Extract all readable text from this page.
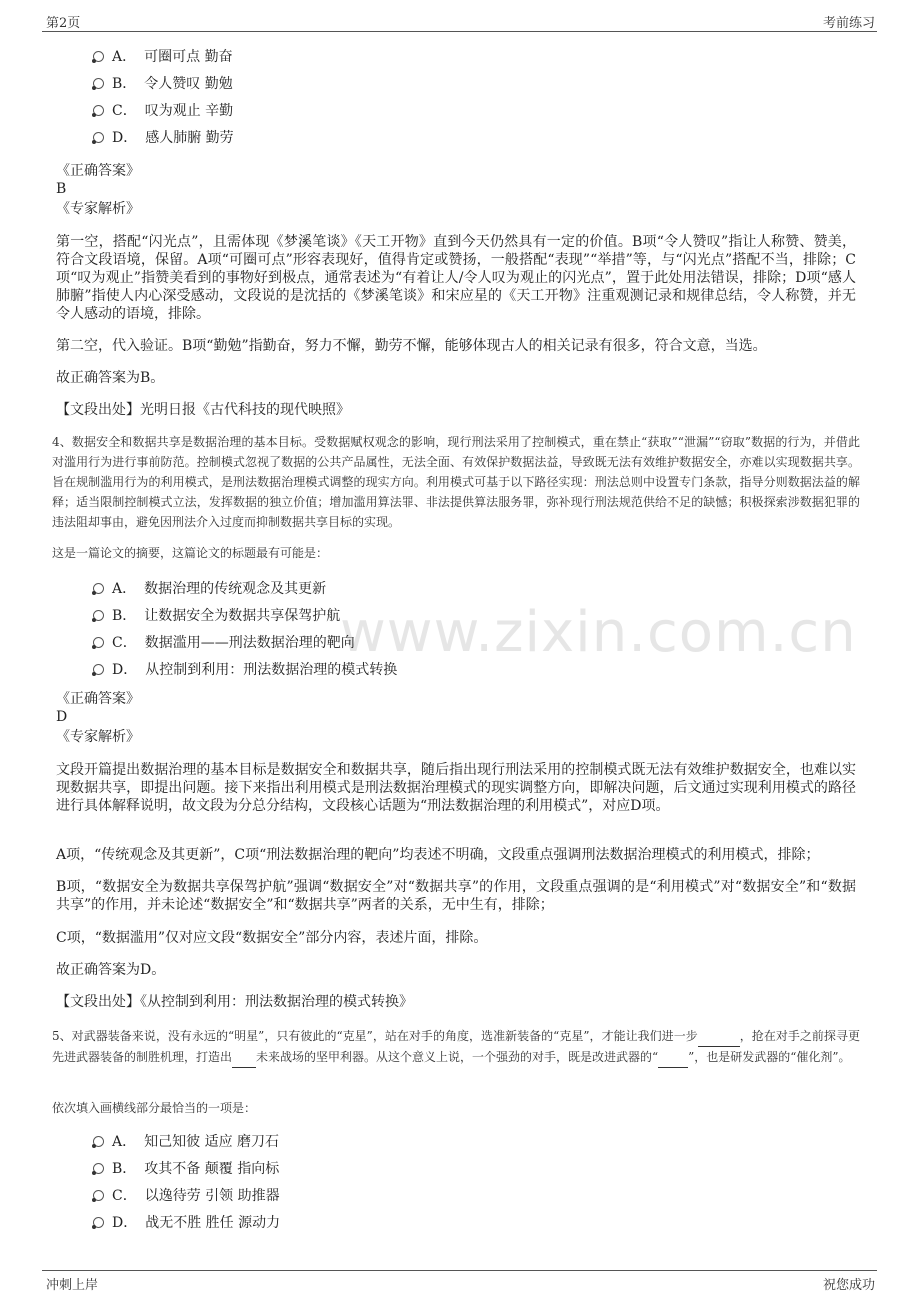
第2页	考前练习
www.zixin.com.cn
A． 可圈可点 勤奋
B． 令人赞叹 勤勉
C． 叹为观止 辛勤
D． 感人肺腑 勤劳
《正确答案》
B
《专家解析》
第一空，搭配“闪光点”，且需体现《梦溪笔谈》《天工开物》直到今天仍然具有一定的价值。B项“令人赞叹”指让人称赞、赞美，符合文段语境，保留。A项“可圈可点”形容表现好，值得肯定或赞扬，一般搭配“表现”“举措”等，与“闪光点”搭配不当，排除；C项“叹为观止”指赞美看到的事物好到极点，通常表述为“有着让人/令人叹为观止的闪光点”，置于此处用法错误，排除；D项“感人肺腑”指使人内心深受感动，文段说的是沈括的《梦溪笔谈》和宋应星的《天工开物》注重观测记录和规律总结，令人称赞，并无令人感动的语境，排除。
第二空，代入验证。B项“勤勉”指勤奋，努力不懈，勤劳不懈，能够体现古人的相关记录有很多，符合文意，当选。
故正确答案为B。
【文段出处】光明日报《古代科技的现代映照》
4、数据安全和数据共享是数据治理的基本目标。受数据赋权观念的影响，现行刑法采用了控制模式，重在禁止“获取”“泄漏”“窃取”数据的行为，并借此对滥用行为进行事前防范。控制模式忽视了数据的公共产品属性，无法全面、有效保护数据法益，导致既无法有效维护数据安全，亦难以实现数据共享。旨在规制滥用行为的利用模式，是刑法数据治理模式调整的现实方向。利用模式可基于以下路径实现：刑法总则中设置专门条款，指导分则数据法益的解释；适当限制控制模式立法，发挥数据的独立价值；增加滥用算法罪、非法提供算法服务罪，弥补现行刑法规范供给不足的缺憾；积极探索涉数据犯罪的违法阻却事由，避免因刑法介入过度而抑制数据共享目标的实现。
这是一篇论文的摘要，这篇论文的标题最有可能是：
A． 数据治理的传统观念及其更新
B． 让数据安全为数据共享保驾护航
C． 数据滥用——刑法数据治理的靶向
D． 从控制到利用：刑法数据治理的模式转换
《正确答案》
D
《专家解析》
文段开篇提出数据治理的基本目标是数据安全和数据共享，随后指出现行刑法采用的控制模式既无法有效维护数据安全，也难以实现数据共享，即提出问题。接下来指出利用模式是刑法数据治理模式的现实调整方向，即解决问题，后文通过实现利用模式的路径进行具体解释说明，故文段为分总分结构，文段核心话题为“刑法数据治理的利用模式”，对应D项。
A项，“传统观念及其更新”，C项“刑法数据治理的靶向”均表述不明确，文段重点强调刑法数据治理模式的利用模式，排除；
B项，“数据安全为数据共享保驾护航”强调“数据安全”对“数据共享”的作用，文段重点强调的是“利用模式”对“数据安全”和“数据共享”的作用，并未论述“数据安全”和“数据共享”两者的关系，无中生有，排除；
C项，“数据滥用”仅对应文段“数据安全”部分内容，表述片面，排除。
故正确答案为D。
【文段出处】《从控制到利用：刑法数据治理的模式转换》
5、对武器装备来说，没有永远的“明星”，只有彼此的“克星”，站在对手的角度，选准新装备的“克星”，才能让我们进一步	，抢在对手之前探寻更先进武器装备的制胜机理，打造出 未来战场的坚甲利器。从这个意义上说，一个强劲的对手，既是改进武器的“	”，也是研发武器的“催化剂”。
依次填入画横线部分最恰当的一项是：
A． 知己知彼 适应 磨刀石
B． 攻其不备 颠覆 指向标
C． 以逸待劳 引领 助推器
D． 战无不胜 胜任 源动力
冲刺上岸	祝您成功
